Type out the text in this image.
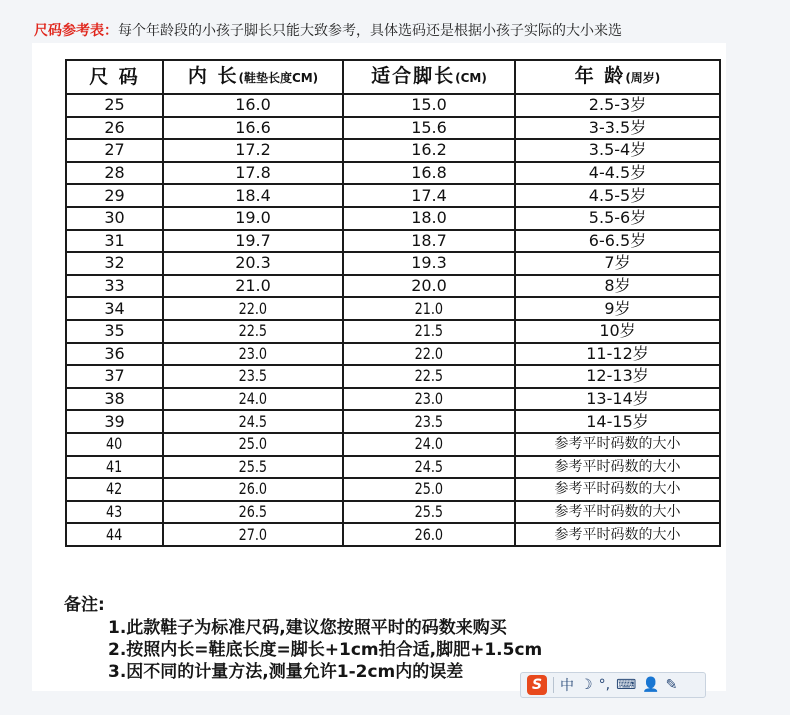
尺码参考表：每个年龄段的小孩子脚长只能大致参考，具体选码还是根据小孩子实际的大小来选
尺 码	内 长(鞋垫长度CM)	适合脚长(CM)	年 龄(周岁)
25	16.0	15.0	2.5-3岁
26	16.6	15.6	3-3.5岁
27	17.2	16.2	3.5-4岁
28	17.8	16.8	4-4.5岁
29	18.4	17.4	4.5-5岁
30	19.0	18.0	5.5-6岁
31	19.7	18.7	6-6.5岁
32	20.3	19.3	7岁
33	21.0	20.0	8岁
34	22.0	21.0	9岁
35	22.5	21.5	10岁
36	23.0	22.0	11-12岁
37	23.5	22.5	12-13岁
38	24.0	23.0	13-14岁
39	24.5	23.5	14-15岁
40	25.0	24.0	参考平时码数的大小
41	25.5	24.5	参考平时码数的大小
42	26.0	25.0	参考平时码数的大小
43	26.5	25.5	参考平时码数的大小
44	27.0	26.0	参考平时码数的大小
备注:
1.此款鞋子为标准尺码,建议您按照平时的码数来购买
2.按照内长=鞋底长度=脚长+1cm拍合适,脚肥+1.5cm
3.因不同的计量方法,测量允许1-2cm内的误差
S	中 ☽ °, ⌨ 👤 ✎
